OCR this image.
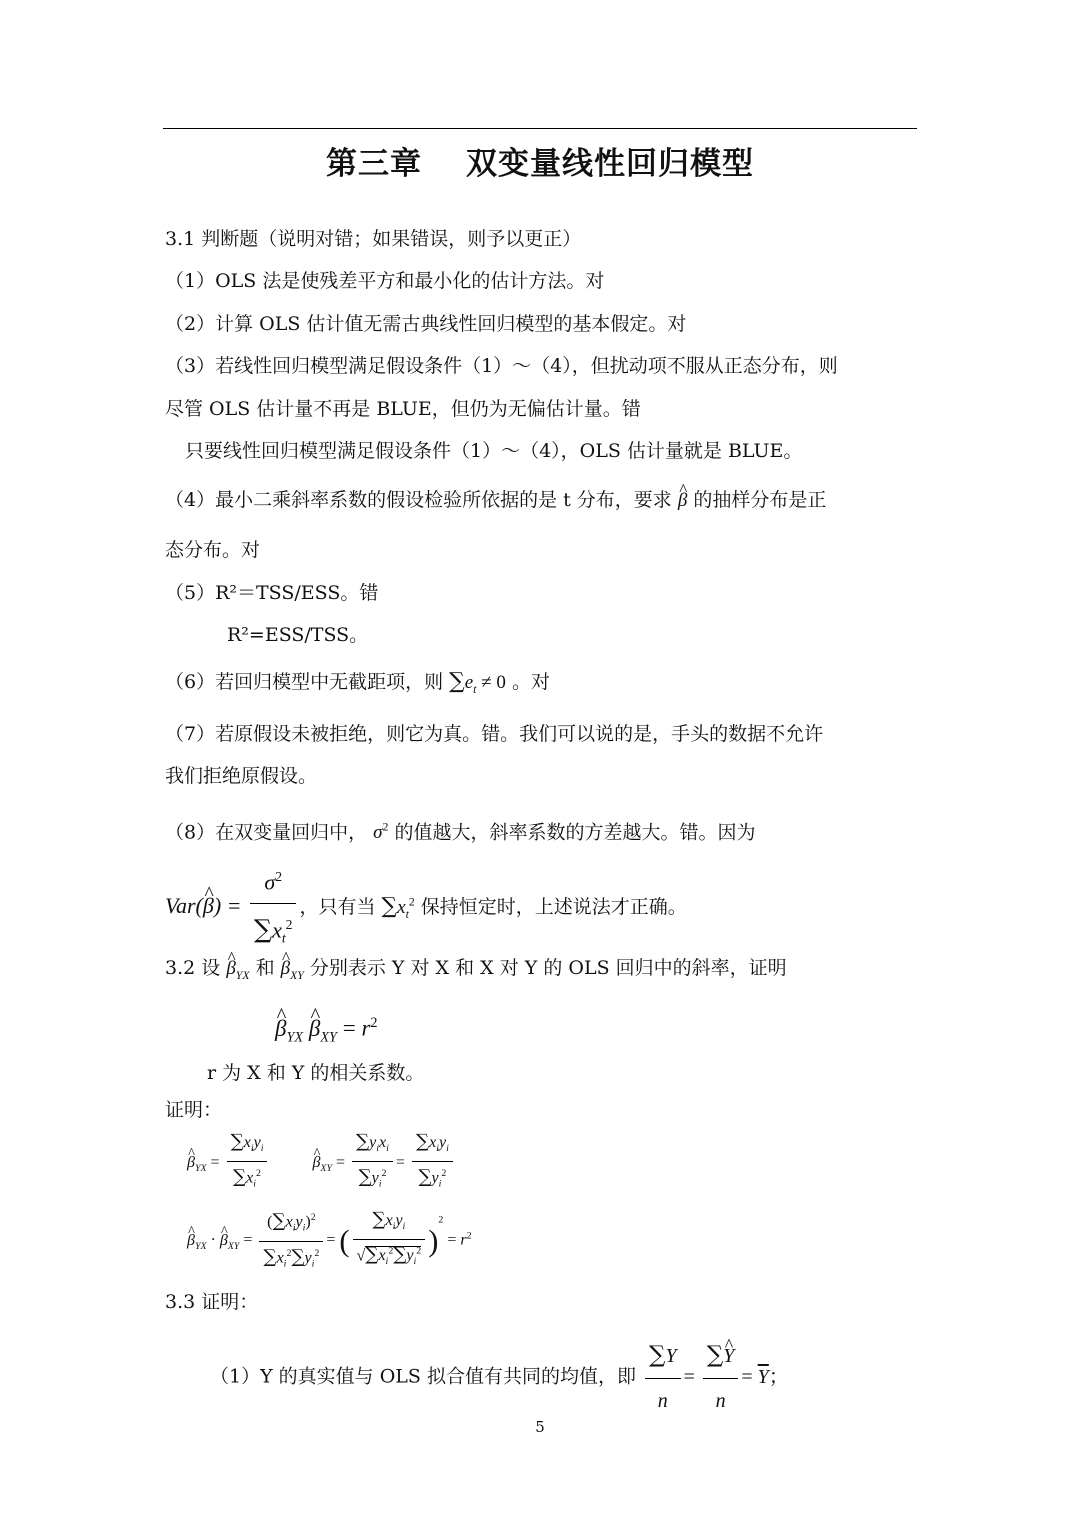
第三章 双变量线性回归模型
3.1 判断题（说明对错；如果错误，则予以更正）
（1）OLS 法是使残差平方和最小化的估计方法。对
（2）计算 OLS 估计值无需古典线性回归模型的基本假定。对
（3）若线性回归模型满足假设条件（1）～（4），但扰动项不服从正态分布，则
尽管 OLS 估计量不再是 BLUE，但仍为无偏估计量。错
只要线性回归模型满足假设条件（1）～（4），OLS 估计量就是 BLUE。
（4）最小二乘斜率系数的假设检验所依据的是 t 分布，要求 ^ β 的抽样分布是正
态分布。对
（5）R²＝TSS/ESS。错
R²=ESS/TSS。
（6）若回归模型中无截距项，则 $\sum e_t \ne 0$ 。对
（7）若原假设未被拒绝，则它为真。错。我们可以说的是，手头的数据不允许
我们拒绝原假设。
（8）在双变量回归中， $\sigma^2$ 的值越大，斜率系数的方差越大。错。因为
Var(^ $\beta) = \frac{\sigma^2}{\sum x_t^2}$ ，只有当 $\sum x_t^2$ 保持恒定时，上述说法才正确。
3.2 设 ^ $\beta_{YX}$ 和 ^ $\beta_{XY}$ 分别表示 Y 对 X 和 X 对 Y 的 OLS 回归中的斜率，证明
^ $\beta_{YX}$ ^ $\beta_{XY} = r^2$
r 为 X 和 Y 的相关系数。
证明：
^ $\beta_{YX} = \frac{\sum x_iy_i}{\sum x_i^2}$	^ $\beta_{XY} = \frac{\sum y_ix_i}{\sum y_i^2} = \frac{\sum x_iy_i}{\sum y_i^2}$
^ $\beta_{YX}$ · ^ $\beta_{XY} = \frac{(\sum x_iy_i)^2}{\sum x_i^2\sum y_i^2}$ = ( $\frac{\sum x_iy_i}{√\sum x_i^2\sum y_i^2} )^2 = r^2$
3.3 证明：
（1）Y 的真实值与 OLS 拟合值有共同的均值，即 $\frac{\sum Y}{n} = \frac{\sum\^{} Y}{n} = \overline{Y}$；
5
